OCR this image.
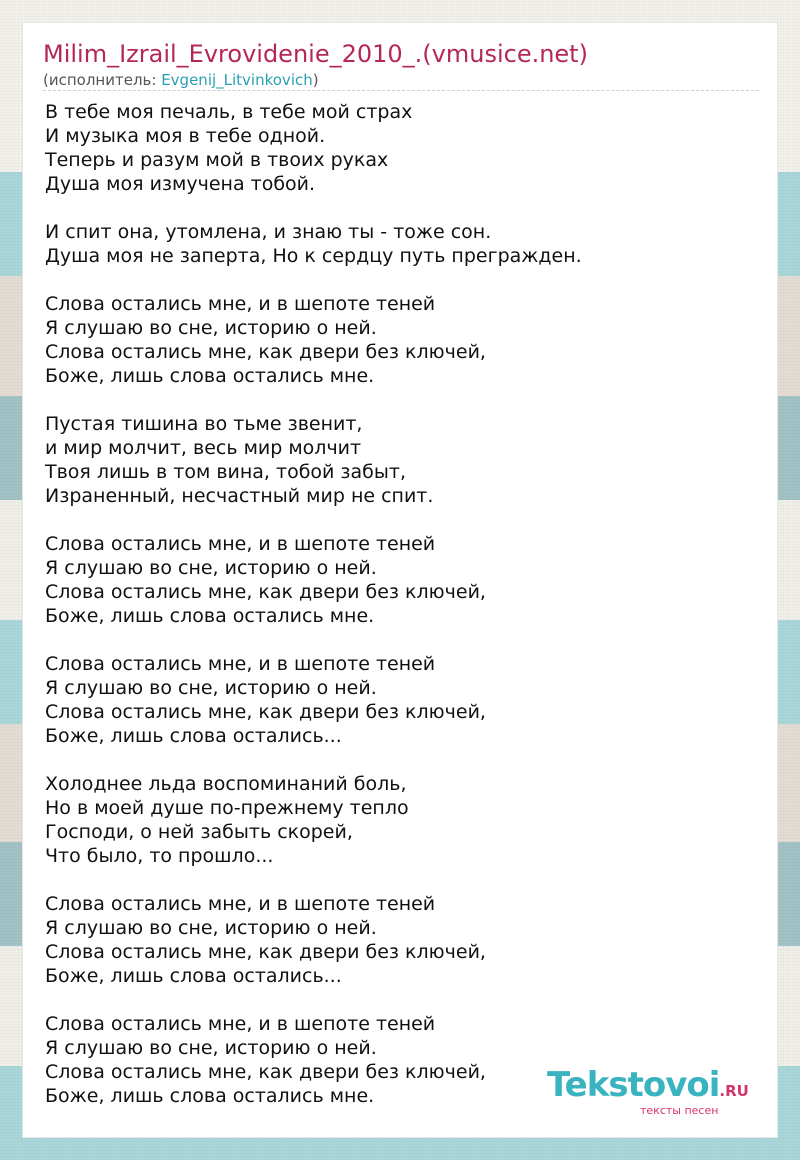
Milim_Izrail_Evrovidenie_2010_.(vmusice.net)
(исполнитель: Evgenij_Litvinkovich)
В тебе моя печаль, в тебе мой страх
И музыка моя в тебе одной.
Теперь и разум мой в твоих руках
Душа моя измучена тобой.
И спит она, утомлена, и знаю ты - тоже сон.
Душа моя не заперта, Но к сердцу путь прегражден.
Слова остались мне, и в шепоте теней
Я слушаю во сне, историю о ней.
Слова остались мне, как двери без ключей,
Боже, лишь слова остались мне.
Пустая тишина во тьме звенит,
и мир молчит, весь мир молчит
Твоя лишь в том вина, тобой забыт,
Израненный, несчастный мир не спит.
Слова остались мне, и в шепоте теней
Я слушаю во сне, историю о ней.
Слова остались мне, как двери без ключей,
Боже, лишь слова остались мне.
Слова остались мне, и в шепоте теней
Я слушаю во сне, историю о ней.
Слова остались мне, как двери без ключей,
Боже, лишь слова остались...
Холоднее льда воспоминаний боль,
Но в моей душе по-прежнему тепло
Господи, о ней забыть скорей,
Что было, то прошло...
Слова остались мне, и в шепоте теней
Я слушаю во сне, историю о ней.
Слова остались мне, как двери без ключей,
Боже, лишь слова остались...
Слова остались мне, и в шепоте теней
Я слушаю во сне, историю о ней.
Слова остались мне, как двери без ключей,
Боже, лишь слова остались мне.	Tekstovoi.RU
тексты песен
